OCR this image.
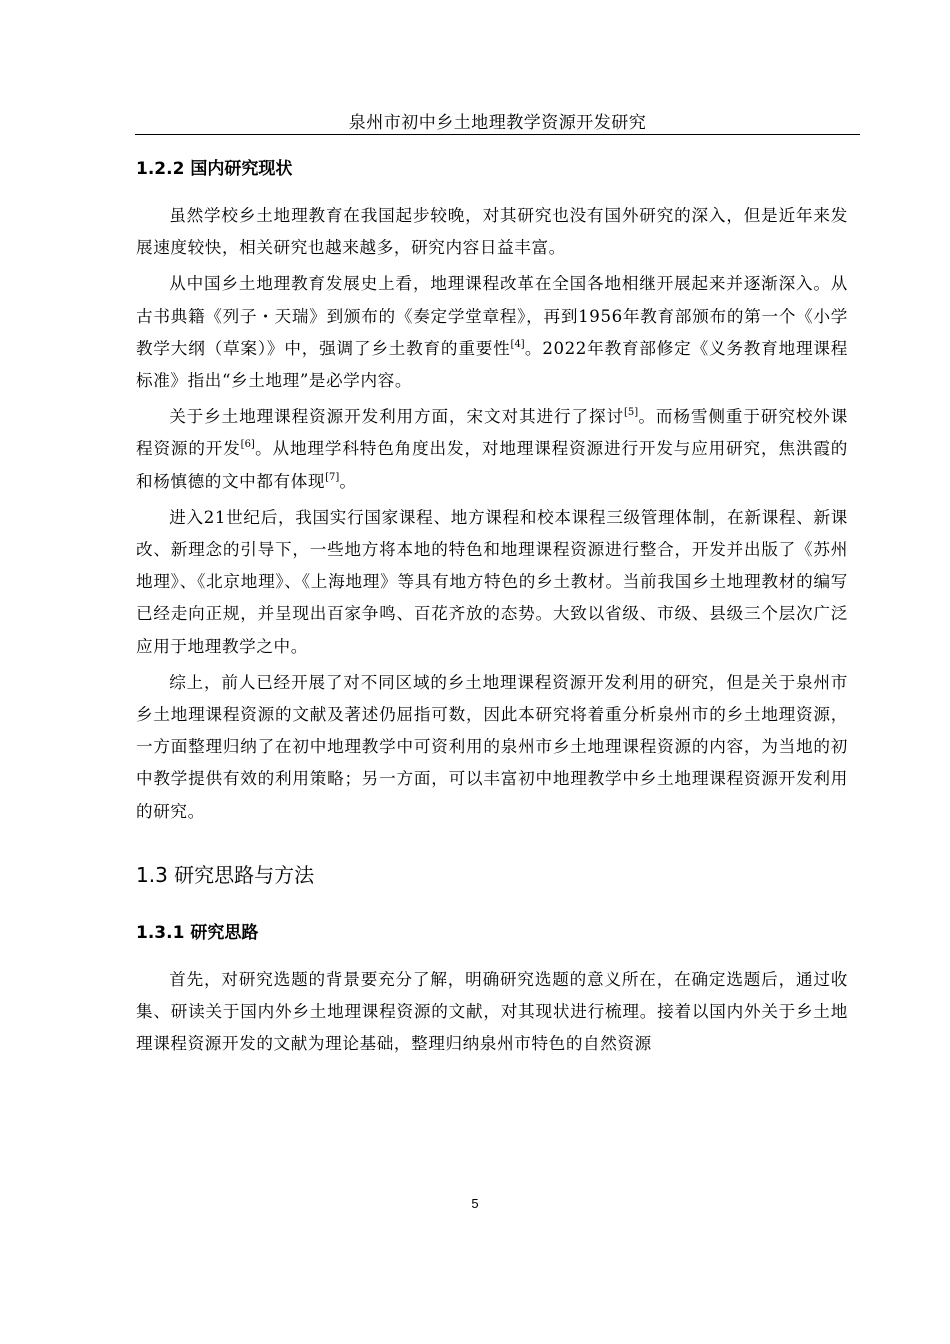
泉州市初中乡土地理教学资源开发研究
1.2.2 国内研究现状

虽然学校乡土地理教育在我国起步较晚，对其研究也没有国外研究的深入，但是近年来发展速度较快，相关研究也越来越多，研究内容日益丰富。

从中国乡土地理教育发展史上看，地理课程改革在全国各地相继开展起来并逐渐深入。从古书典籍《列子・天瑞》到颁布的《奏定学堂章程》，再到1956年教育部颁布的第一个《小学教学大纲（草案）》中，强调了乡土教育的重要性[4]。2022年教育部修定《义务教育地理课程标准》指出“乡土地理”是必学内容。

关于乡土地理课程资源开发利用方面，宋文对其进行了探讨[5]。而杨雪侧重于研究校外课程资源的开发[6]。从地理学科特色角度出发，对地理课程资源进行开发与应用研究，焦洪霞的和杨慎德的文中都有体现[7]。

进入21世纪后，我国实行国家课程、地方课程和校本课程三级管理体制，在新课程、新课改、新理念的引导下，一些地方将本地的特色和地理课程资源进行整合，开发并出版了《苏州地理》、《北京地理》、《上海地理》等具有地方特色的乡土教材。当前我国乡土地理教材的编写已经走向正规，并呈现出百家争鸣、百花齐放的态势。大致以省级、市级、县级三个层次广泛应用于地理教学之中。

综上，前人已经开展了对不同区域的乡土地理课程资源开发利用的研究，但是关于泉州市乡土地理课程资源的文献及著述仍屈指可数，因此本研究将着重分析泉州市的乡土地理资源，一方面整理归纳了在初中地理教学中可资利用的泉州市乡土地理课程资源的内容，为当地的初中教学提供有效的利用策略；另一方面，可以丰富初中地理教学中乡土地理课程资源开发利用的研究。

1.3 研究思路与方法
1.3.1 研究思路

首先，对研究选题的背景要充分了解，明确研究选题的意义所在，在确定选题后，通过收集、研读关于国内外乡土地理课程资源的文献，对其现状进行梳理。接着以国内外关于乡土地理课程资源开发的文献为理论基础，整理归纳泉州市特色的自然资源

5
